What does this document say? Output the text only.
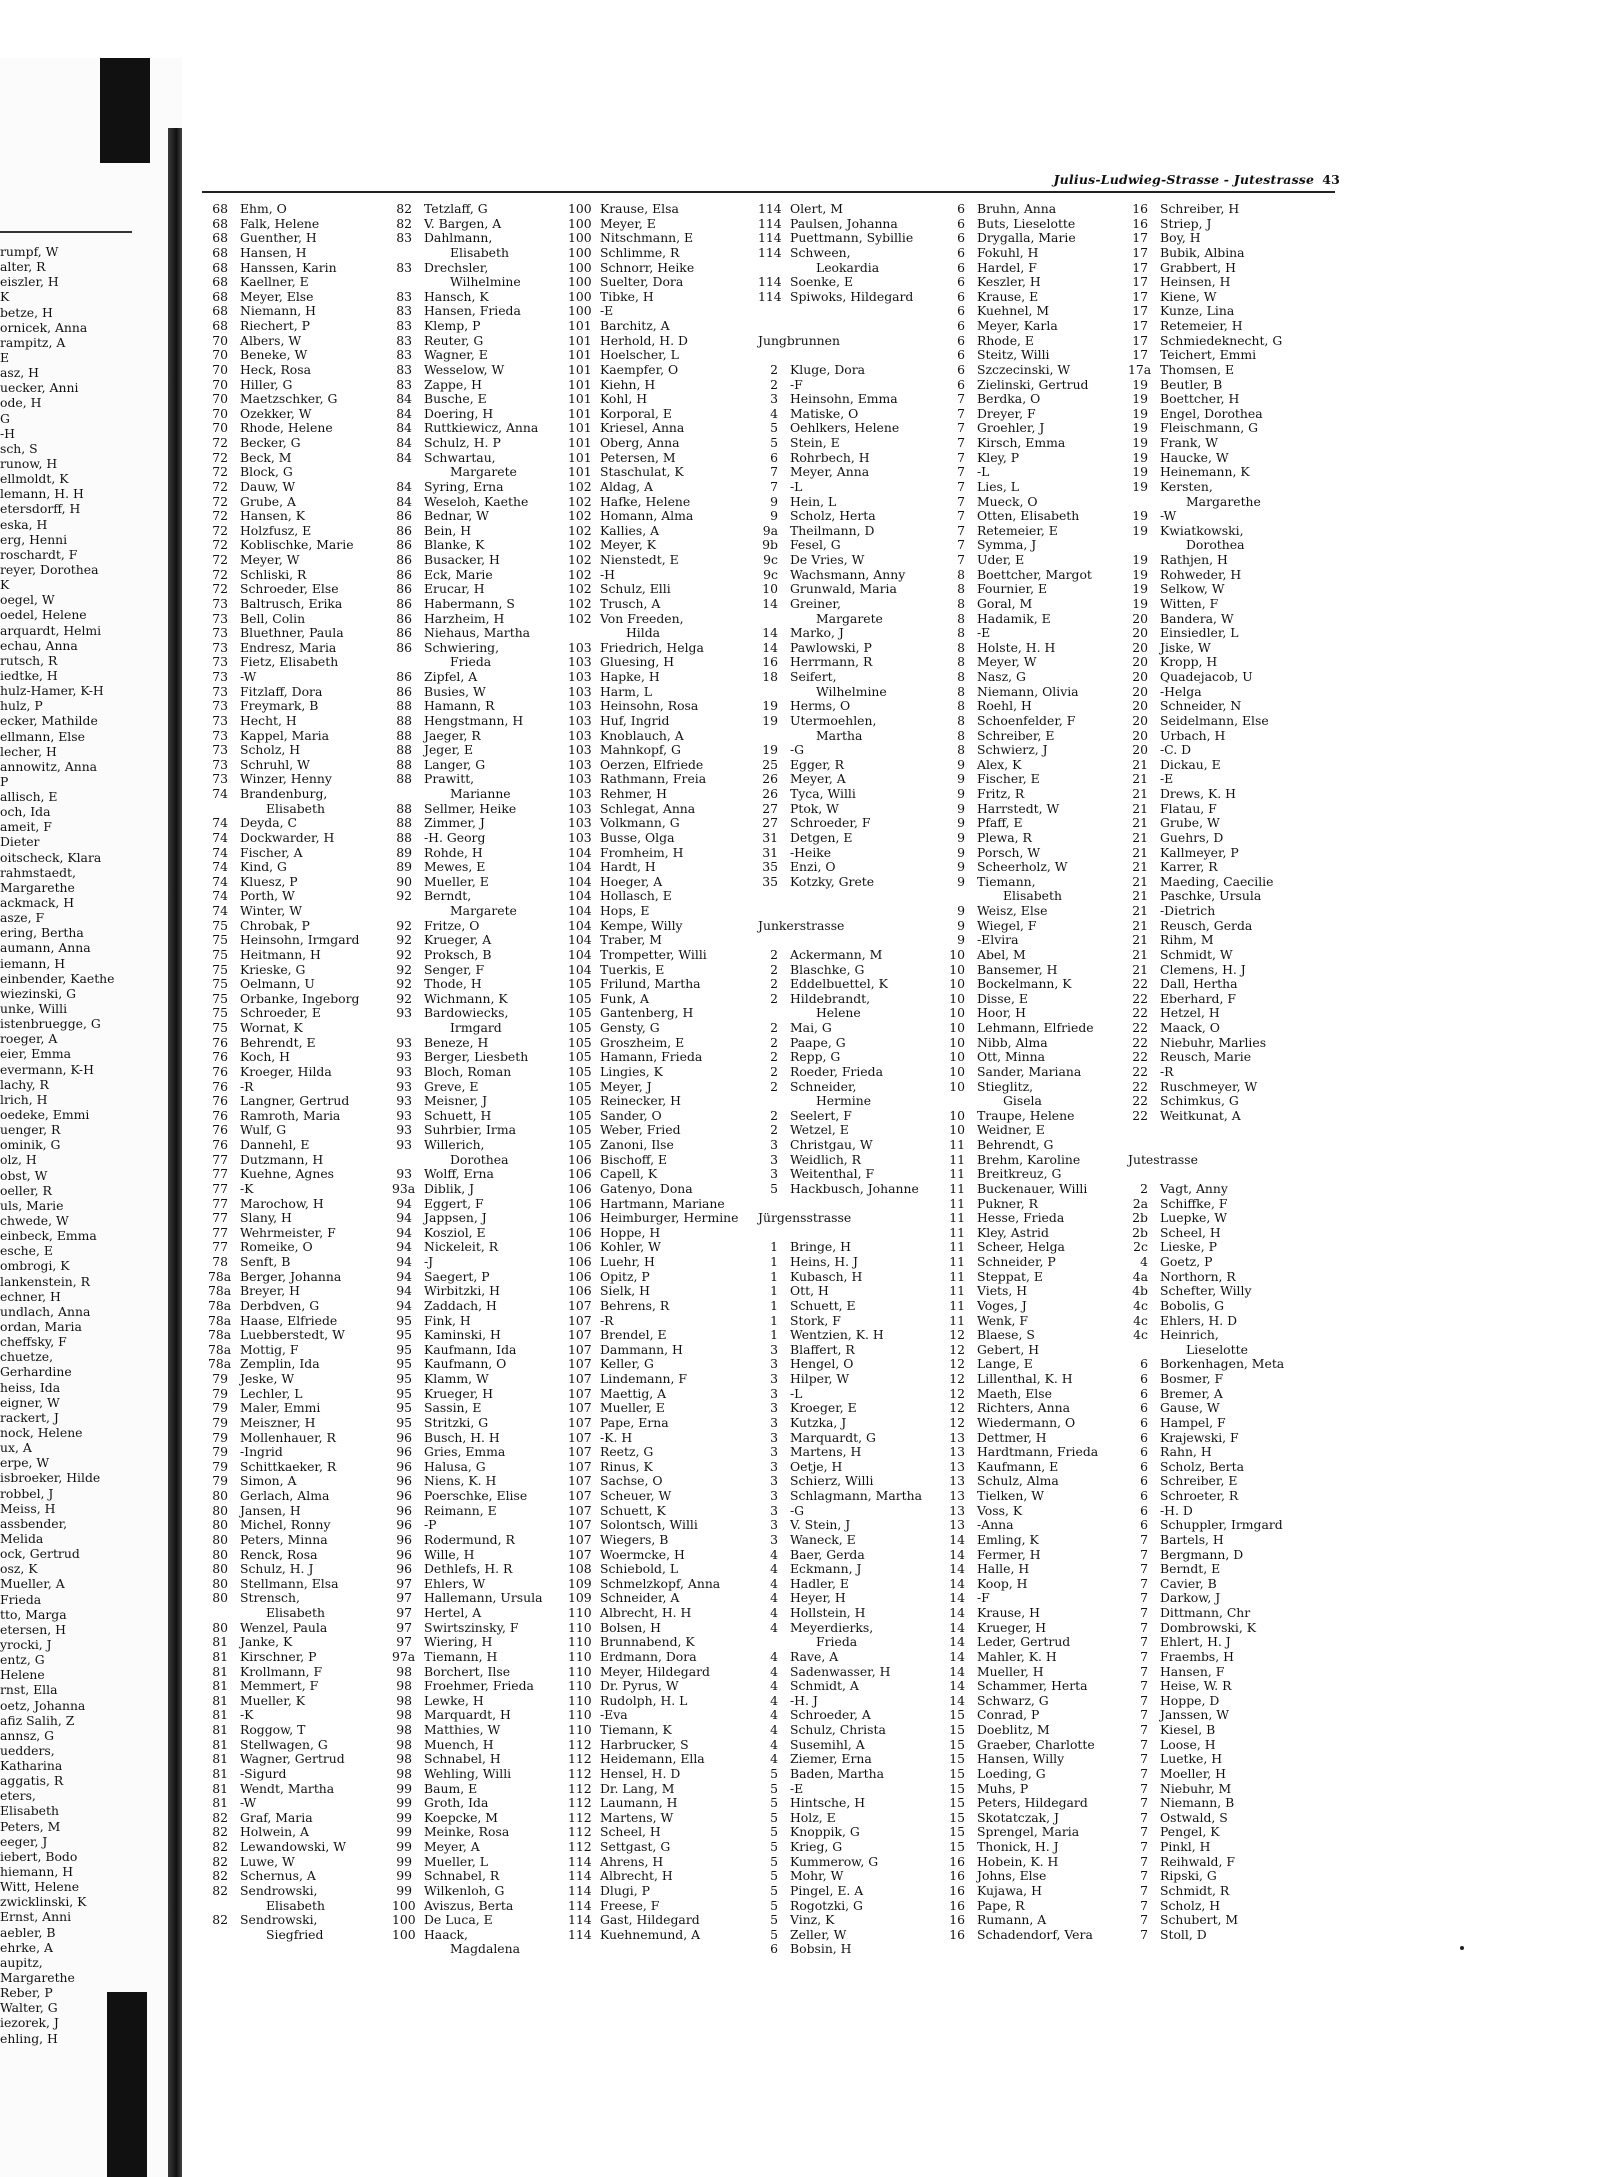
rumpf, W
alter, R
eiszler, H
K
betze, H
ornicek, Anna
rampitz, A
E
asz, H
uecker, Anni
ode, H
G
-H
sch, S
runow, H
ellmoldt, K
lemann, H. H
etersdorff, H
eska, H
erg, Henni
roschardt, F
reyer, Dorothea
K
oegel, W
oedel, Helene
arquardt, Helmi
echau, Anna
rutsch, R
iedtke, H
hulz-Hamer, K-H
hulz, P
ecker, Mathilde
ellmann, Else
lecher, H
annowitz, Anna
P
allisch, E
och, Ida
ameit, F
Dieter
oitscheck, Klara
rahmstaedt,
Margarethe
ackmack, H
asze, F
ering, Bertha
aumann, Anna
iemann, H
einbender, Kaethe
wiezinski, G
unke, Willi
istenbruegge, G
roeger, A
eier, Emma
evermann, K-H
lachy, R
lrich, H
oedeke, Emmi
uenger, R
ominik, G
olz, H
obst, W
oeller, R
uls, Marie
chwede, W
einbeck, Emma
esche, E
ombrogi, K
lankenstein, R
echner, H
undlach, Anna
ordan, Maria
cheffsky, F
chuetze,
Gerhardine
heiss, Ida
eigner, W
rackert, J
nock, Helene
ux, A
erpe, W
isbroeker, Hilde
robbel, J
Meiss, H
assbender,
Melida
ock, Gertrud
osz, K
Mueller, A
Frieda
tto, Marga
etersen, H
yrocki, J
entz, G
Helene
rnst, Ella
oetz, Johanna
afiz Salih, Z
annsz, G
uedders,
Katharina
aggatis, R
eters,
Elisabeth
Peters, M
eeger, J
iebert, Bodo
hiemann, H
Witt, Helene
zwicklinski, K
Ernst, Anni
aebler, B
ehrke, A
aupitz,
Margarethe
Reber, P
Walter, G
iezorek, J
ehling, H
Julius-Ludwieg-Strasse - Jutestrasse 43
68 Ehm, O
68 Falk, Helene
68 Guenther, H
68 Hansen, H
68 Hanssen, Karin
68 Kaellner, E
68 Meyer, Else
68 Niemann, H
68 Riechert, P
70 Albers, W
70 Beneke, W
70 Heck, Rosa
70 Hiller, G
70 Maetzschker, G
70 Ozekker, W
70 Rhode, Helene
72 Becker, G
72 Beck, M
72 Block, G
72 Dauw, W
72 Grube, A
72 Hansen, K
72 Holzfusz, E
72 Koblischke, Marie
72 Meyer, W
72 Schliski, R
72 Schroeder, Else
73 Baltrusch, Erika
73 Bell, Colin
73 Bluethner, Paula
73 Endresz, Maria
73 Fietz, Elisabeth
73 -W
73 Fitzlaff, Dora
73 Freymark, B
73 Hecht, H
73 Kappel, Maria
73 Scholz, H
73 Schruhl, W
73 Winzer, Henny
74 Brandenburg,
Elisabeth
74 Deyda, C
74 Dockwarder, H
74 Fischer, A
74 Kind, G
74 Kluesz, P
74 Porth, W
74 Winter, W
75 Chrobak, P
75 Heinsohn, Irmgard
75 Heitmann, H
75 Krieske, G
75 Oelmann, U
75 Orbanke, Ingeborg
75 Schroeder, E
75 Wornat, K
76 Behrendt, E
76 Koch, H
76 Kroeger, Hilda
76 -R
76 Langner, Gertrud
76 Ramroth, Maria
76 Wulf, G
76 Dannehl, E
77 Dutzmann, H
77 Kuehne, Agnes
77 -K
77 Marochow, H
77 Slany, H
77 Wehrmeister, F
77 Romeike, O
78 Senft, B
78a Berger, Johanna
78a Breyer, H
78a Derbdven, G
78a Haase, Elfriede
78a Luebberstedt, W
78a Mottig, F
78a Zemplin, Ida
79 Jeske, W
79 Lechler, L
79 Maler, Emmi
79 Meiszner, H
79 Mollenhauer, R
79 -Ingrid
79 Schittkaeker, R
79 Simon, A
80 Gerlach, Alma
80 Jansen, H
80 Michel, Ronny
80 Peters, Minna
80 Renck, Rosa
80 Schulz, H. J
80 Stellmann, Elsa
80 Strensch,
Elisabeth
80 Wenzel, Paula
81 Janke, K
81 Kirschner, P
81 Krollmann, F
81 Memmert, F
81 Mueller, K
81 -K
81 Roggow, T
81 Stellwagen, G
81 Wagner, Gertrud
81 -Sigurd
81 Wendt, Martha
81 -W
82 Graf, Maria
82 Holwein, A
82 Lewandowski, W
82 Luwe, W
82 Schernus, A
82 Sendrowski,
Elisabeth
82 Sendrowski,
Siegfried
82 Tetzlaff, G
82 V. Bargen, A
83 Dahlmann,
Elisabeth
83 Drechsler,
Wilhelmine
83 Hansch, K
83 Hansen, Frieda
83 Klemp, P
83 Reuter, G
83 Wagner, E
83 Wesselow, W
83 Zappe, H
84 Busche, E
84 Doering, H
84 Ruttkiewicz, Anna
84 Schulz, H. P
84 Schwartau,
Margarete
84 Syring, Erna
84 Weseloh, Kaethe
86 Bednar, W
86 Bein, H
86 Blanke, K
86 Busacker, H
86 Eck, Marie
86 Erucar, H
86 Habermann, S
86 Harzheim, H
86 Niehaus, Martha
86 Schwiering,
Frieda
86 Zipfel, A
86 Busies, W
88 Hamann, R
88 Hengstmann, H
88 Jaeger, R
88 Jeger, E
88 Langer, G
88 Prawitt,
Marianne
88 Sellmer, Heike
88 Zimmer, J
88 -H. Georg
89 Rohde, H
89 Mewes, E
90 Mueller, E
92 Berndt,
Margarete
92 Fritze, O
92 Krueger, A
92 Proksch, B
92 Senger, F
92 Thode, H
92 Wichmann, K
93 Bardowiecks,
Irmgard
93 Beneze, H
93 Berger, Liesbeth
93 Bloch, Roman
93 Greve, E
93 Meisner, J
93 Schuett, H
93 Suhrbier, Irma
93 Willerich,
Dorothea
93 Wolff, Erna
93a Diblik, J
94 Eggert, F
94 Jappsen, J
94 Kosziol, E
94 Nickeleit, R
94 -J
94 Saegert, P
94 Wirbitzki, H
94 Zaddach, H
95 Fink, H
95 Kaminski, H
95 Kaufmann, Ida
95 Kaufmann, O
95 Klamm, W
95 Krueger, H
95 Sassin, E
95 Stritzki, G
96 Busch, H. H
96 Gries, Emma
96 Halusa, G
96 Niens, K. H
96 Poerschke, Elise
96 Reimann, E
96 -P
96 Rodermund, R
96 Wille, H
96 Dethlefs, H. R
97 Ehlers, W
97 Hallemann, Ursula
97 Hertel, A
97 Swirtszinsky, F
97 Wiering, H
97a Tiemann, H
98 Borchert, Ilse
98 Froehmer, Frieda
98 Lewke, H
98 Marquardt, H
98 Matthies, W
98 Muench, H
98 Schnabel, H
98 Wehling, Willi
99 Baum, E
99 Groth, Ida
99 Koepcke, M
99 Meinke, Rosa
99 Meyer, A
99 Mueller, L
99 Schnabel, R
99 Wilkenloh, G
100 Aviszus, Berta
100 De Luca, E
100 Haack,
Magdalena
100 Krause, Elsa
100 Meyer, E
100 Nitschmann, E
100 Schlimme, R
100 Schnorr, Heike
100 Suelter, Dora
100 Tibke, H
100 -E
101 Barchitz, A
101 Herhold, H. D
101 Hoelscher, L
101 Kaempfer, O
101 Kiehn, H
101 Kohl, H
101 Korporal, E
101 Kriesel, Anna
101 Oberg, Anna
101 Petersen, M
101 Staschulat, K
102 Aldag, A
102 Hafke, Helene
102 Homann, Alma
102 Kallies, A
102 Meyer, K
102 Nienstedt, E
102 -H
102 Schulz, Elli
102 Trusch, A
102 Von Freeden,
Hilda
103 Friedrich, Helga
103 Gluesing, H
103 Hapke, H
103 Harm, L
103 Heinsohn, Rosa
103 Huf, Ingrid
103 Knoblauch, A
103 Mahnkopf, G
103 Oerzen, Elfriede
103 Rathmann, Freia
103 Rehmer, H
103 Schlegat, Anna
103 Volkmann, G
103 Busse, Olga
104 Fromheim, H
104 Hardt, H
104 Hoeger, A
104 Hollasch, E
104 Hops, E
104 Kempe, Willy
104 Traber, M
104 Trompetter, Willi
104 Tuerkis, E
105 Frilund, Martha
105 Funk, A
105 Gantenberg, H
105 Gensty, G
105 Groszheim, E
105 Hamann, Frieda
105 Lingies, K
105 Meyer, J
105 Reinecker, H
105 Sander, O
105 Weber, Fried
105 Zanoni, Ilse
106 Bischoff, E
106 Capell, K
106 Gatenyo, Dona
106 Hartmann, Mariane
106 Heimburger, Hermine
106 Hoppe, H
106 Kohler, W
106 Luehr, H
106 Opitz, P
106 Sielk, H
107 Behrens, R
107 -R
107 Brendel, E
107 Dammann, H
107 Keller, G
107 Lindemann, F
107 Maettig, A
107 Mueller, E
107 Pape, Erna
107 -K. H
107 Reetz, G
107 Rinus, K
107 Sachse, O
107 Scheuer, W
107 Schuett, K
107 Solontsch, Willi
107 Wiegers, B
107 Woermcke, H
108 Schiebold, L
109 Schmelzkopf, Anna
109 Schneider, A
110 Albrecht, H. H
110 Bolsen, H
110 Brunnabend, K
110 Erdmann, Dora
110 Meyer, Hildegard
110 Dr. Pyrus, W
110 Rudolph, H. L
110 -Eva
110 Tiemann, K
112 Harbrucker, S
112 Heidemann, Ella
112 Hensel, H. D
112 Dr. Lang, M
112 Laumann, H
112 Martens, W
112 Scheel, H
112 Settgast, G
114 Ahrens, H
114 Albrecht, H
114 Dlugi, P
114 Freese, F
114 Gast, Hildegard
114 Kuehnemund, A
114 Olert, M
114 Paulsen, Johanna
114 Puettmann, Sybillie
114 Schween,
Leokardia
114 Soenke, E
114 Spiwoks, Hildegard
Jungbrunnen
2 Kluge, Dora
2 -F
3 Heinsohn, Emma
4 Matiske, O
5 Oehlkers, Helene
5 Stein, E
6 Rohrbech, H
7 Meyer, Anna
7 -L
9 Hein, L
9 Scholz, Herta
9a Theilmann, D
9b Fesel, G
9c De Vries, W
9c Wachsmann, Anny
10 Grunwald, Maria
14 Greiner,
Margarete
14 Marko, J
14 Pawlowski, P
16 Herrmann, R
18 Seifert,
Wilhelmine
19 Herms, O
19 Utermoehlen,
Martha
19 -G
25 Egger, R
26 Meyer, A
26 Tyca, Willi
27 Ptok, W
27 Schroeder, F
31 Detgen, E
31 -Heike
35 Enzi, O
35 Kotzky, Grete
Junkerstrasse
2 Ackermann, M
2 Blaschke, G
2 Eddelbuettel, K
2 Hildebrandt,
Helene
2 Mai, G
2 Paape, G
2 Repp, G
2 Roeder, Frieda
2 Schneider,
Hermine
2 Seelert, F
2 Wetzel, E
3 Christgau, W
3 Weidlich, R
3 Weitenthal, F
5 Hackbusch, Johanne
Jürgensstrasse
1 Bringe, H
1 Heins, H. J
1 Kubasch, H
1 Ott, H
1 Schuett, E
1 Stork, F
1 Wentzien, K. H
3 Blaffert, R
3 Hengel, O
3 Hilper, W
3 -L
3 Kroeger, E
3 Kutzka, J
3 Marquardt, G
3 Martens, H
3 Oetje, H
3 Schierz, Willi
3 Schlagmann, Martha
3 -G
3 V. Stein, J
3 Waneck, E
4 Baer, Gerda
4 Eckmann, J
4 Hadler, E
4 Heyer, H
4 Hollstein, H
4 Meyerdierks,
Frieda
4 Rave, A
4 Sadenwasser, H
4 Schmidt, A
4 -H. J
4 Schroeder, A
4 Schulz, Christa
4 Susemihl, A
4 Ziemer, Erna
5 Baden, Martha
5 -E
5 Hintsche, H
5 Holz, E
5 Knoppik, G
5 Krieg, G
5 Kummerow, G
5 Mohr, W
5 Pingel, E. A
5 Rogotzki, G
5 Vinz, K
5 Zeller, W
6 Bobsin, H
6 Bruhn, Anna
6 Buts, Lieselotte
6 Drygalla, Marie
6 Fokuhl, H
6 Hardel, F
6 Keszler, H
6 Krause, E
6 Kuehnel, M
6 Meyer, Karla
6 Rhode, E
6 Steitz, Willi
6 Szczecinski, W
6 Zielinski, Gertrud
7 Berdka, O
7 Dreyer, F
7 Groehler, J
7 Kirsch, Emma
7 Kley, P
7 -L
7 Lies, L
7 Mueck, O
7 Otten, Elisabeth
7 Retemeier, E
7 Symma, J
7 Uder, E
8 Boettcher, Margot
8 Fournier, E
8 Goral, M
8 Hadamik, E
8 -E
8 Holste, H. H
8 Meyer, W
8 Nasz, G
8 Niemann, Olivia
8 Roehl, H
8 Schoenfelder, F
8 Schreiber, E
8 Schwierz, J
9 Alex, K
9 Fischer, E
9 Fritz, R
9 Harrstedt, W
9 Pfaff, E
9 Plewa, R
9 Porsch, W
9 Scheerholz, W
9 Tiemann,
Elisabeth
9 Weisz, Else
9 Wiegel, F
9 -Elvira
10 Abel, M
10 Bansemer, H
10 Bockelmann, K
10 Disse, E
10 Hoor, H
10 Lehmann, Elfriede
10 Nibb, Alma
10 Ott, Minna
10 Sander, Mariana
10 Stieglitz,
Gisela
10 Traupe, Helene
10 Weidner, E
11 Behrendt, G
11 Brehm, Karoline
11 Breitkreuz, G
11 Buckenauer, Willi
11 Pukner, R
11 Hesse, Frieda
11 Kley, Astrid
11 Scheer, Helga
11 Schneider, P
11 Steppat, E
11 Viets, H
11 Voges, J
11 Wenk, F
12 Blaese, S
12 Gebert, H
12 Lange, E
12 Lillenthal, K. H
12 Maeth, Else
12 Richters, Anna
12 Wiedermann, O
13 Dettmer, H
13 Hardtmann, Frieda
13 Kaufmann, E
13 Schulz, Alma
13 Tielken, W
13 Voss, K
13 -Anna
14 Emling, K
14 Fermer, H
14 Halle, H
14 Koop, H
14 -F
14 Krause, H
14 Krueger, H
14 Leder, Gertrud
14 Mahler, K. H
14 Mueller, H
14 Schammer, Herta
14 Schwarz, G
15 Conrad, P
15 Doeblitz, M
15 Graeber, Charlotte
15 Hansen, Willy
15 Loeding, G
15 Muhs, P
15 Peters, Hildegard
15 Skotatczak, J
15 Sprengel, Maria
15 Thonick, H. J
16 Hobein, K. H
16 Johns, Else
16 Kujawa, H
16 Pape, R
16 Rumann, A
16 Schadendorf, Vera
16 Schreiber, H
16 Striep, J
17 Boy, H
17 Bubik, Albina
17 Grabbert, H
17 Heinsen, H
17 Kiene, W
17 Kunze, Lina
17 Retemeier, H
17 Schmiedeknecht, G
17 Teichert, Emmi
17a Thomsen, E
19 Beutler, B
19 Boettcher, H
19 Engel, Dorothea
19 Fleischmann, G
19 Frank, W
19 Haucke, W
19 Heinemann, K
19 Kersten,
Margarethe
19 -W
19 Kwiatkowski,
Dorothea
19 Rathjen, H
19 Rohweder, H
19 Selkow, W
19 Witten, F
20 Bandera, W
20 Einsiedler, L
20 Jiske, W
20 Kropp, H
20 Quadejacob, U
20 -Helga
20 Schneider, N
20 Seidelmann, Else
20 Urbach, H
20 -C. D
21 Dickau, E
21 -E
21 Drews, K. H
21 Flatau, F
21 Grube, W
21 Guehrs, D
21 Kallmeyer, P
21 Karrer, R
21 Maeding, Caecilie
21 Paschke, Ursula
21 -Dietrich
21 Reusch, Gerda
21 Rihm, M
21 Schmidt, W
21 Clemens, H. J
22 Dall, Hertha
22 Eberhard, F
22 Hetzel, H
22 Maack, O
22 Niebuhr, Marlies
22 Reusch, Marie
22 -R
22 Ruschmeyer, W
22 Schimkus, G
22 Weitkunat, A
Jutestrasse
2 Vagt, Anny
2a Schiffke, F
2b Luepke, W
2b Scheel, H
2c Lieske, P
4 Goetz, P
4a Northorn, R
4b Schefter, Willy
4c Bobolis, G
4c Ehlers, H. D
4c Heinrich,
Lieselotte
6 Borkenhagen, Meta
6 Bosmer, F
6 Bremer, A
6 Gause, W
6 Hampel, F
6 Krajewski, F
6 Rahn, H
6 Scholz, Berta
6 Schreiber, E
6 Schroeter, R
6 -H. D
6 Schuppler, Irmgard
7 Bartels, H
7 Bergmann, D
7 Berndt, E
7 Cavier, B
7 Darkow, J
7 Dittmann, Chr
7 Dombrowski, K
7 Ehlert, H. J
7 Fraembs, H
7 Hansen, F
7 Heise, W. R
7 Hoppe, D
7 Janssen, W
7 Kiesel, B
7 Loose, H
7 Luetke, H
7 Moeller, H
7 Niebuhr, M
7 Niemann, B
7 Ostwald, S
7 Pengel, K
7 Pinkl, H
7 Reihwald, F
7 Ripski, G
7 Schmidt, R
7 Scholz, H
7 Schubert, M
7 Stoll, D
